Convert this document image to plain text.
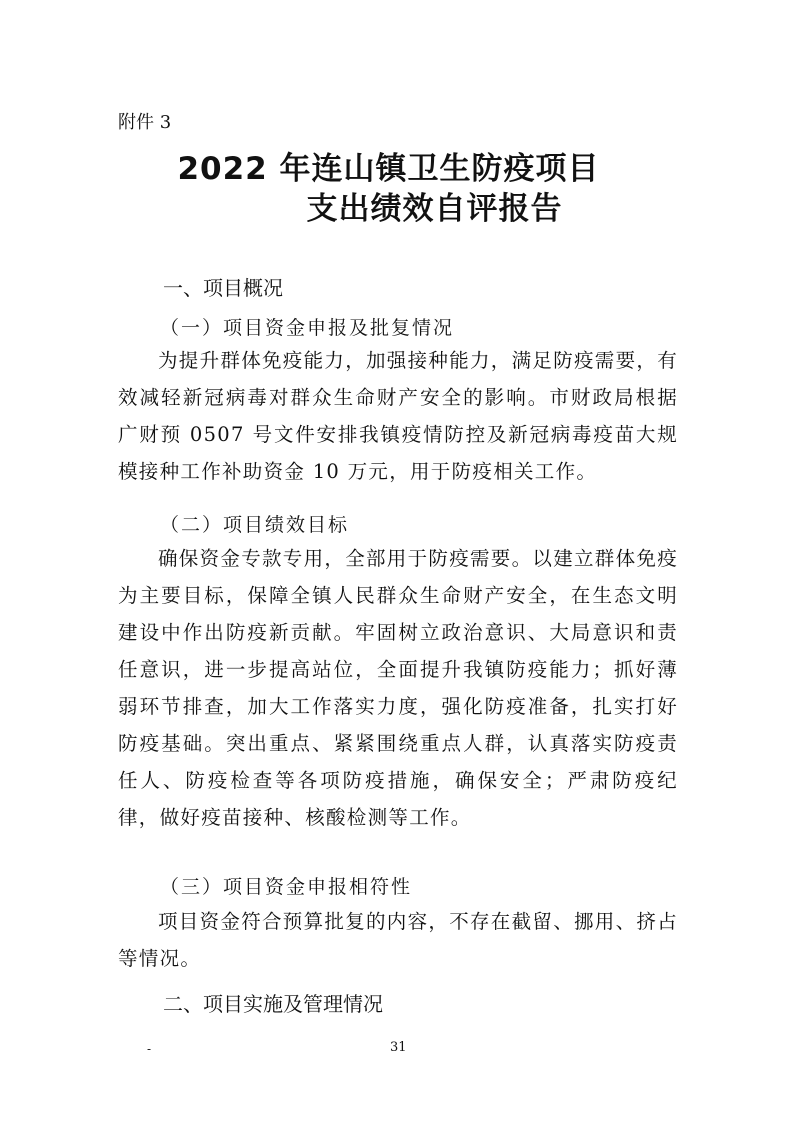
附件 3
2022 年连山镇卫生防疫项目
支出绩效自评报告
一、项目概况
（一）项目资金申报及批复情况
为提升群体免疫能力，加强接种能力，满足防疫需要，有效减轻新冠病毒对群众生命财产安全的影响。市财政局根据广财预 0507 号文件安排我镇疫情防控及新冠病毒疫苗大规模接种工作补助资金 10 万元，用于防疫相关工作。
（二）项目绩效目标
确保资金专款专用，全部用于防疫需要。以建立群体免疫为主要目标，保障全镇人民群众生命财产安全，在生态文明建设中作出防疫新贡献。牢固树立政治意识、大局意识和责任意识，进一步提高站位，全面提升我镇防疫能力；抓好薄弱环节排查，加大工作落实力度，强化防疫准备，扎实打好防疫基础。突出重点、紧紧围绕重点人群，认真落实防疫责任人、防疫检查等各项防疫措施，确保安全；严肃防疫纪律，做好疫苗接种、核酸检测等工作。
（三）项目资金申报相符性
项目资金符合预算批复的内容，不存在截留、挪用、挤占等情况。
二、项目实施及管理情况
-	31
